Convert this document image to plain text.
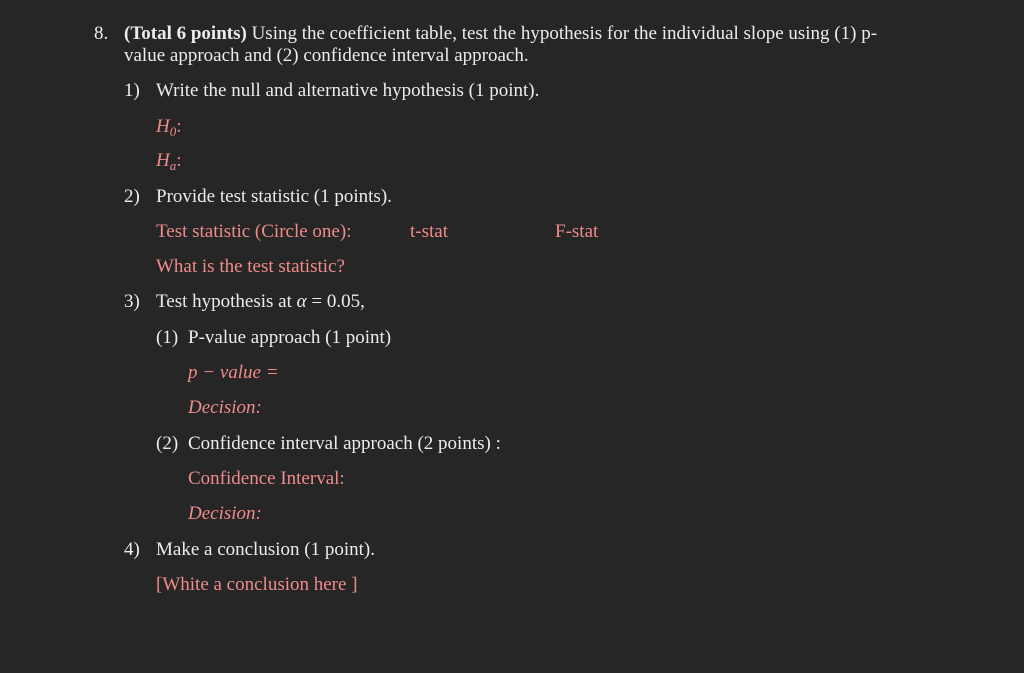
8. (Total 6 points) Using the coefficient table, test the hypothesis for the individual slope using (1) p-
value approach and (2) confidence interval approach.
1) Write the null and alternative hypothesis (1 point).
$H_0$:
$H_a$:
2) Provide test statistic (1 points).
Test statistic (Circle one):	t-stat	F-stat
What is the test statistic?
3) Test hypothesis at α = 0.05,
(1) P-value approach (1 point)
p − value =
Decision:
(2) Confidence interval approach (2 points) :
Confidence Interval:
Decision:
4) Make a conclusion (1 point).
[White a conclusion here ]
